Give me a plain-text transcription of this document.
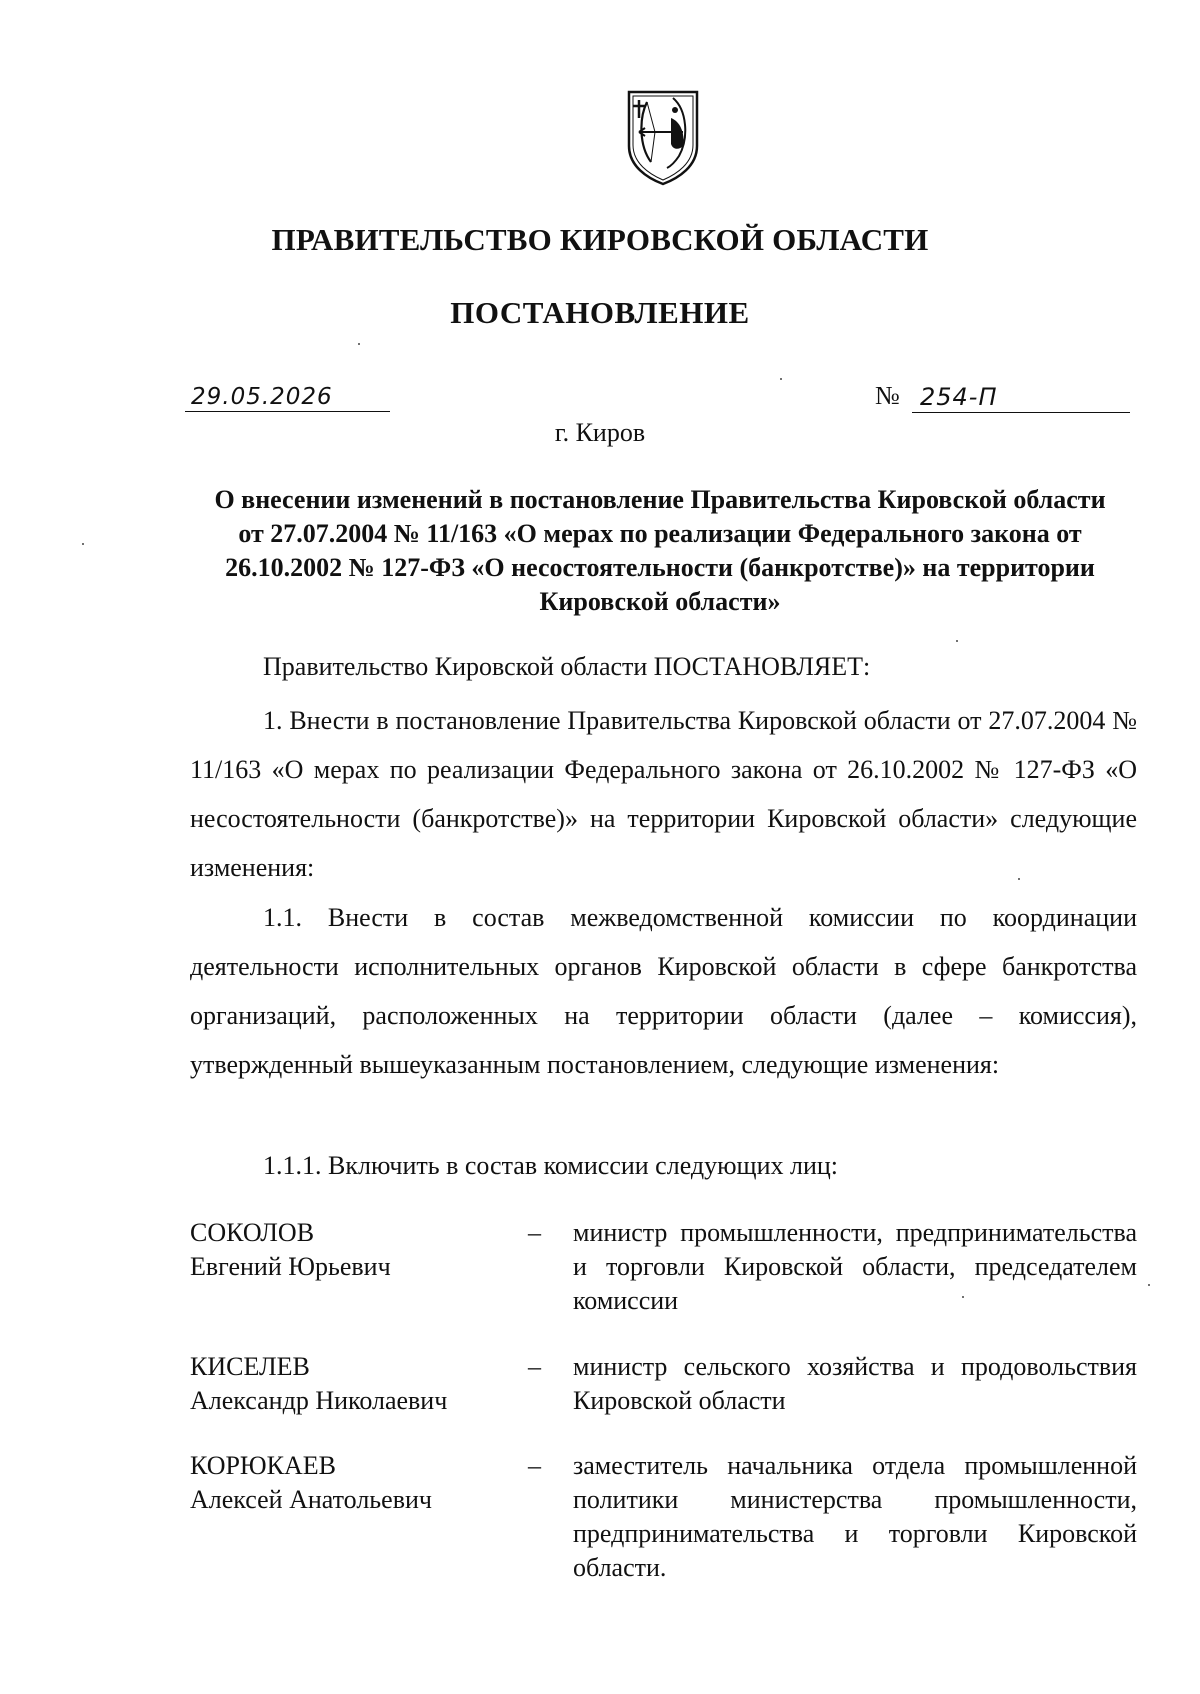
ПРАВИТЕЛЬСТВО КИРОВСКОЙ ОБЛАСТИ
ПОСТАНОВЛЕНИЕ
29.05.2026	№ 254-П
г. Киров
О внесении изменений в постановление Правительства Кировской области от 27.07.2004 № 11/163 «О мерах по реализации Федерального закона от 26.10.2002 № 127-ФЗ «О несостоятельности (банкротстве)» на территории Кировской области»
Правительство Кировской области ПОСТАНОВЛЯЕТ:

1. Внести в постановление Правительства Кировской области от 27.07.2004 № 11/163 «О мерах по реализации Федерального закона от 26.10.2002 № 127-ФЗ «О несостоятельности (банкротстве)» на территории Кировской области» следующие изменения:

1.1. Внести в состав межведомственной комиссии по координации деятельности исполнительных органов Кировской области в сфере банкротства организаций, расположенных на территории области (далее – комиссия), утвержденный вышеуказанным постановлением, следующие изменения:

1.1.1. Включить в состав комиссии следующих лиц:

СОКОЛОВ
Евгений Юрьевич
– министр промышленности, предпринимательства и торговли Кировской области, председателем комиссии
КИСЕЛЕВ
Александр Николаевич
– министр сельского хозяйства и продовольствия Кировской области
КОРЮКАЕВ
Алексей Анатольевич
– заместитель начальника отдела промышленной политики министерства промышленности, предпринимательства и торговли Кировской области.
